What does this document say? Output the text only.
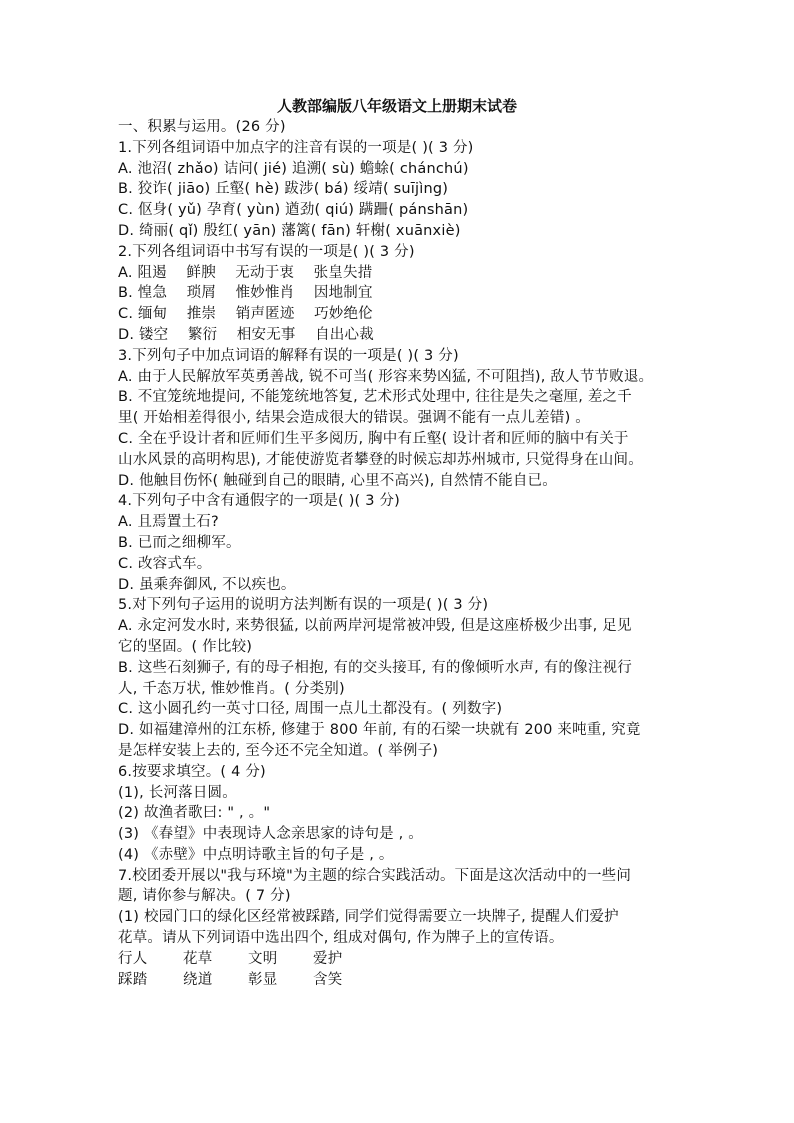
人教部编版八年级语文上册期末试卷
一、积累与运用。(26 分)
1.下列各组词语中加点字的注音有误的一项是( )( 3 分)
A. 池沼( zhǎo) 诘问( jié) 追溯( sù) 蟾蜍( chánchú)
B. 狡诈( jiāo) 丘壑( hè) 跋涉( bá) 绥靖( suījìng)
C. 伛身( yǔ) 孕育( yùn) 遒劲( qiú) 蹒跚( pánshān)
D. 绮丽( qǐ) 殷红( yān) 藩篱( fān) 轩榭( xuānxiè)
2.下列各组词语中书写有误的一项是( )( 3 分)
A. 阻遏　 鲜腴　 无动于衷　 张皇失措
B. 惶急　 琐屑　 惟妙惟肖　 因地制宜
C. 缅甸　 推崇　 销声匿迹　 巧妙绝伦
D. 镂空　 繁衍　 相安无事　 自出心裁
3.下列句子中加点词语的解释有误的一项是( )( 3 分)
A. 由于人民解放军英勇善战, 锐不可当( 形容来势凶猛, 不可阻挡), 敌人节节败退。
B. 不宜笼统地提问, 不能笼统地答复, 艺术形式处理中, 往往是失之毫厘, 差之千
里( 开始相差得很小, 结果会造成很大的错误。强调不能有一点儿差错) 。
C. 全在乎设计者和匠师们生平多阅历, 胸中有丘壑( 设计者和匠师的脑中有关于
山水风景的高明构思), 才能使游览者攀登的时候忘却苏州城市, 只觉得身在山间。
D. 他触目伤怀( 触碰到自己的眼睛, 心里不高兴), 自然情不能自已。
4.下列句子中含有通假字的一项是( )( 3 分)
A. 且焉置土石?
B. 已而之细柳军。
C. 改容式车。
D. 虽乘奔御风, 不以疾也。
5.对下列句子运用的说明方法判断有误的一项是( )( 3 分)
A. 永定河发水时, 来势很猛, 以前两岸河堤常被冲毁, 但是这座桥极少出事, 足见
它的坚固。( 作比较)
B. 这些石刻狮子, 有的母子相抱, 有的交头接耳, 有的像倾听水声, 有的像注视行
人, 千态万状, 惟妙惟肖。( 分类别)
C. 这小圆孔约一英寸口径, 周围一点儿土都没有。( 列数字)
D. 如福建漳州的江东桥, 修建于 800 年前, 有的石梁一块就有 200 来吨重, 究竟
是怎样安装上去的, 至今还不完全知道。( 举例子)
6.按要求填空。( 4 分)
(1), 长河落日圆。
(2) 故渔者歌曰: " , 。"
(3) 《春望》中表现诗人念亲思家的诗句是 , 。
(4) 《赤壁》中点明诗歌主旨的句子是 , 。
7.校团委开展以"我与环境"为主题的综合实践活动。下面是这次活动中的一些问
题, 请你参与解决。( 7 分)
(1) 校园门口的绿化区经常被踩踏, 同学们觉得需要立一块牌子, 提醒人们爱护
花草。请从下列词语中选出四个, 组成对偶句, 作为牌子上的宣传语。
行人 花草 文明 爱护
踩踏 绕道 彰显 含笑
